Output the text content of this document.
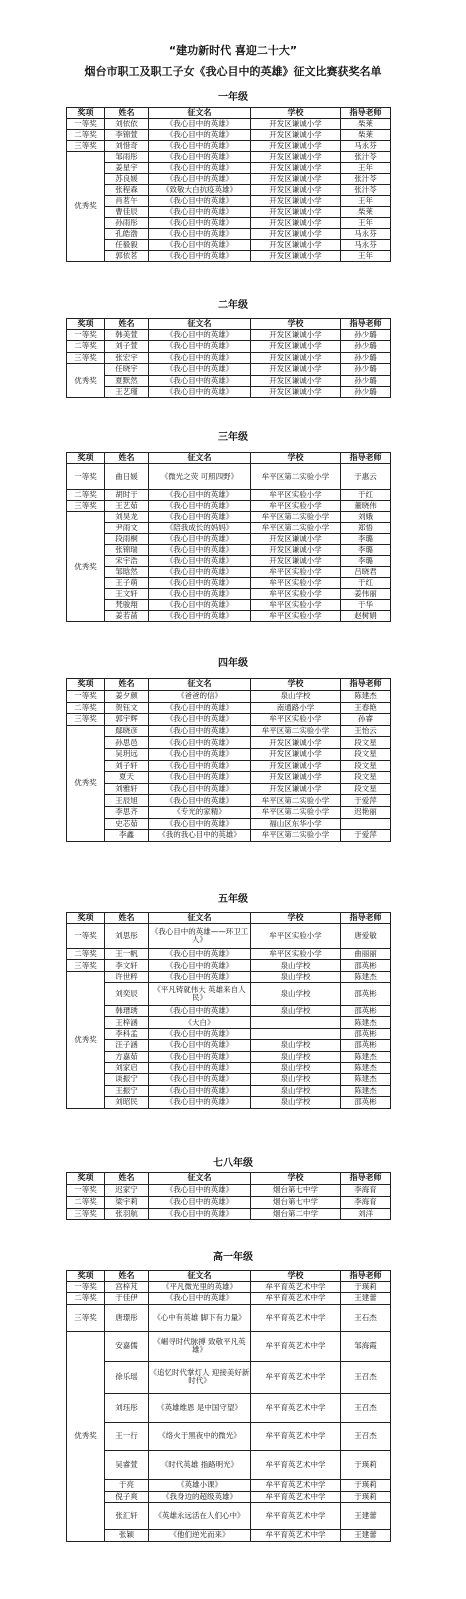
“建功新时代 喜迎二十大”
烟台市职工及职工子女《我心目中的英雄》征文比赛获奖名单
一年级
奖项	姓名	征文名	学校	指导老师
一等奖	刘依依	《我心目中的英雄》	开发区谦诚小学	柴莱
二等奖	李锦萱	《我心目中的英雄》	开发区谦诚小学	柴莱
三等奖	刘惜奇	《我心目中的英雄》	开发区谦诚小学	马永芬
优秀奖	邹雨彤	《我心目中的英雄》	开发区谦诚小学	张汁苓
	姜星宇	《我心目中的英雄》	开发区谦诚小学	王年
	苏良媛	《我心目中的英雄》	开发区谦诚小学	张汁苓
	张程森	《致敬大白抗疫英雄》	开发区谦诚小学	张汁苓
	肖茗午	《我心目中的英雄》	开发区谦诚小学	王年
	曹佳辰	《我心目中的英雄》	开发区谦诚小学	柴莱
	孙雨彤	《我心目中的英雄》	开发区谦诚小学	王年
	孔皓渤	《我心目中的英雄》	开发区谦诚小学	马永芬
	任毅毅	《我心目中的英雄》	开发区谦诚小学	马永芬
	郭依茗	《我心目中的英雄》	开发区谦诚小学	王年
二年级
奖项	姓名	征文名	学校	指导老师
一等奖	韩美萱	《我心目中的英雄》	开发区谦诚小学	孙少璐
二等奖	刘子萱	《我心目中的英雄》	开发区谦诚小学	孙少璐
三等奖	张宏宇	《我心目中的英雄》	开发区谦诚小学	孙少璐
优秀奖	任晓宇	《我心目中的英雄》	开发区谦诚小学	孙少璐
	夏默然	《我心目中的英雄》	开发区谦诚小学	孙少璐
	王艺瑾	《我心目中的英雄》	开发区谦诚小学	孙少璐
三年级
奖项	姓名	征文名	学校	指导老师
一等奖	曲日媛	《微光之荧 可照四野》	牟平区第二实验小学	于惠云
二等奖	胡时于	《我心目中的英雄》	牟平区实验小学	于红
三等奖	王艺茹	《我心目中的英雄》	牟平区实验小学	董晓伟
优秀奖	刘昊龙	《我心目中的英雄》	牟平区第二实验小学	刘娥
	尹雨文	《陪我成长的妈妈》	牟平区第二实验小学	郑悟
	段雨桐	《我心目中的英雄》	开发区谦诚小学	李璐
	张锦瑞	《我心目中的英雄》	开发区谦诚小学	李璐
	宋宇浩	《我心目中的英雄》	开发区谦诚小学	李璐
	邹晗然	《我心目中的英雄》	牟平区实验小学	吕晓君
	王子萌	《我心目中的英雄》	牟平区实验小学	于红
	王文轩	《我心目中的英雄》	牟平区实验小学	姜伟丽
	梵骏翔	《我心目中的英雄》	牟平区实验小学	于华
	姜若菡	《我心目中的英雄》	牟平区实验小学	赵树娟
四年级
奖项	姓名	征文名	学校	指导老师
一等奖	姜夕颜	《爸爸的信》	泉山学校	陈建杰
二等奖	贺钰文	《我心目中的英雄》	南通路小学	王春艳
三等奖	郭宇辉	《我心目中的英雄》	牟平区实验小学	孙睿
优秀奖	鄢晓彦	《我心目中的英雄》	牟平区第二实验小学	王怡云
	孙思邑	《我心目中的英雄》	开发区谦诚小学	段文星
	吴玥远	《我心目中的英雄》	开发区谦诚小学	段文星
	刘子轩	《我心目中的英雄》	开发区谦诚小学	段文星
	夏天	《我心目中的英雄》	开发区谦诚小学	段文星
	刘雅轩	《我心目中的英雄》	开发区谦诚小学	段文星
	王辰旭	《我心目中的英雄》	牟平区第二实验小学	于爱萍
	李思齐	《专光的家精》	牟平区第二实验小学	迟艳丽
	史芯茹	《我心目中的英雄》	福山区东华小学	
	李鑫	《我的我心目中的英雄》	牟平区第二实验小学	于爱萍
五年级
奖项	姓名	征文名	学校	指导老师
一等奖	刘思彤	《我心目中的英雄——环卫工人》	牟平区实验小学	唐爱敏
二等奖	王一帆	《我心目中的英雄》	牟平区实验小学	曲丽丽
三等奖	李文轩	《我心目中的英雄》	泉山学校	邵英彬
优秀奖	许世粹	《我心目中的英雄》	泉山学校	陈建杰
	刘奕辰	《平凡铸就伟大 英雄来自人民》	泉山学校	邵英彬
	韩瑨琇	《我心目中的英雄》	泉山学校	邵英彬
	王梓涵	《大白》		陈建杰
	李科孟	《我心目中的英雄》		邵英彬
	汪子涵	《我心目中的英雄》	泉山学校	邵英彬
	方嘉茹	《我心目中的英雄》	泉山学校	陈建杰
	刘家启	《我心目中的英雄》	泉山学校	陈建杰
	谈振宁	《我心目中的英雄》	泉山学校	陈建杰
	王振宁	《我心目中的英雄》	泉山学校	陈建杰
	刘昭民	《我心目中的英雄》	泉山学校	邵英彬
七八年级
奖项	姓名	征文名	学校	指导老师
一等奖	迟家宁	《我心目中的英雄》	烟台第七中学	李海育
二等奖	梁宇莉	《我心目中的英雄》	烟台第七中学	李海育
三等奖	张羽航	《我心目中的英雄》	烟台第二中学	刘洋
高一年级
奖项	姓名	征文名	学校	指导老师
一等奖	宫梓芃	《平凡微光里的英雄》	牟平育英艺术中学	于瑛莉
二等奖	于佳伊	《我心目中的英雄》	牟平育英艺术中学	王建蕾
三等奖	唐璟彤	《心中有英雄 脚下有力量》	牟平育英艺术中学	王石杰
优秀奖	安嘉儒	《崛寻时代脉搏 致敬平凡英雄》	牟平育英艺术中学	邹海霞
	徐乐瑶	《追忆时代掌灯人 迎接美好新时代》	牟平育英艺术中学	王召杰
	刘珏彤	《英雄维恩 是中国守望》	牟平育英艺术中学	王召杰
	王一行	《络火于黑夜中的微光》	牟平育英艺术中学	王召杰
	吴睿萱	《时代英雄 指路明光》	牟平育英艺术中学	于瑛莉
	于亮	《英雄小课》	牟平育英艺术中学	于瑛莉
	倪子爽	《我身边的超级英雄》	牟平育英艺术中学	于瑛莉
	张汇轩	《英雄永远活在人们心中》	牟平育英艺术中学	王建蕾
	张颖	《他们逆光而来》	牟平育英艺术中学	王建蕾
